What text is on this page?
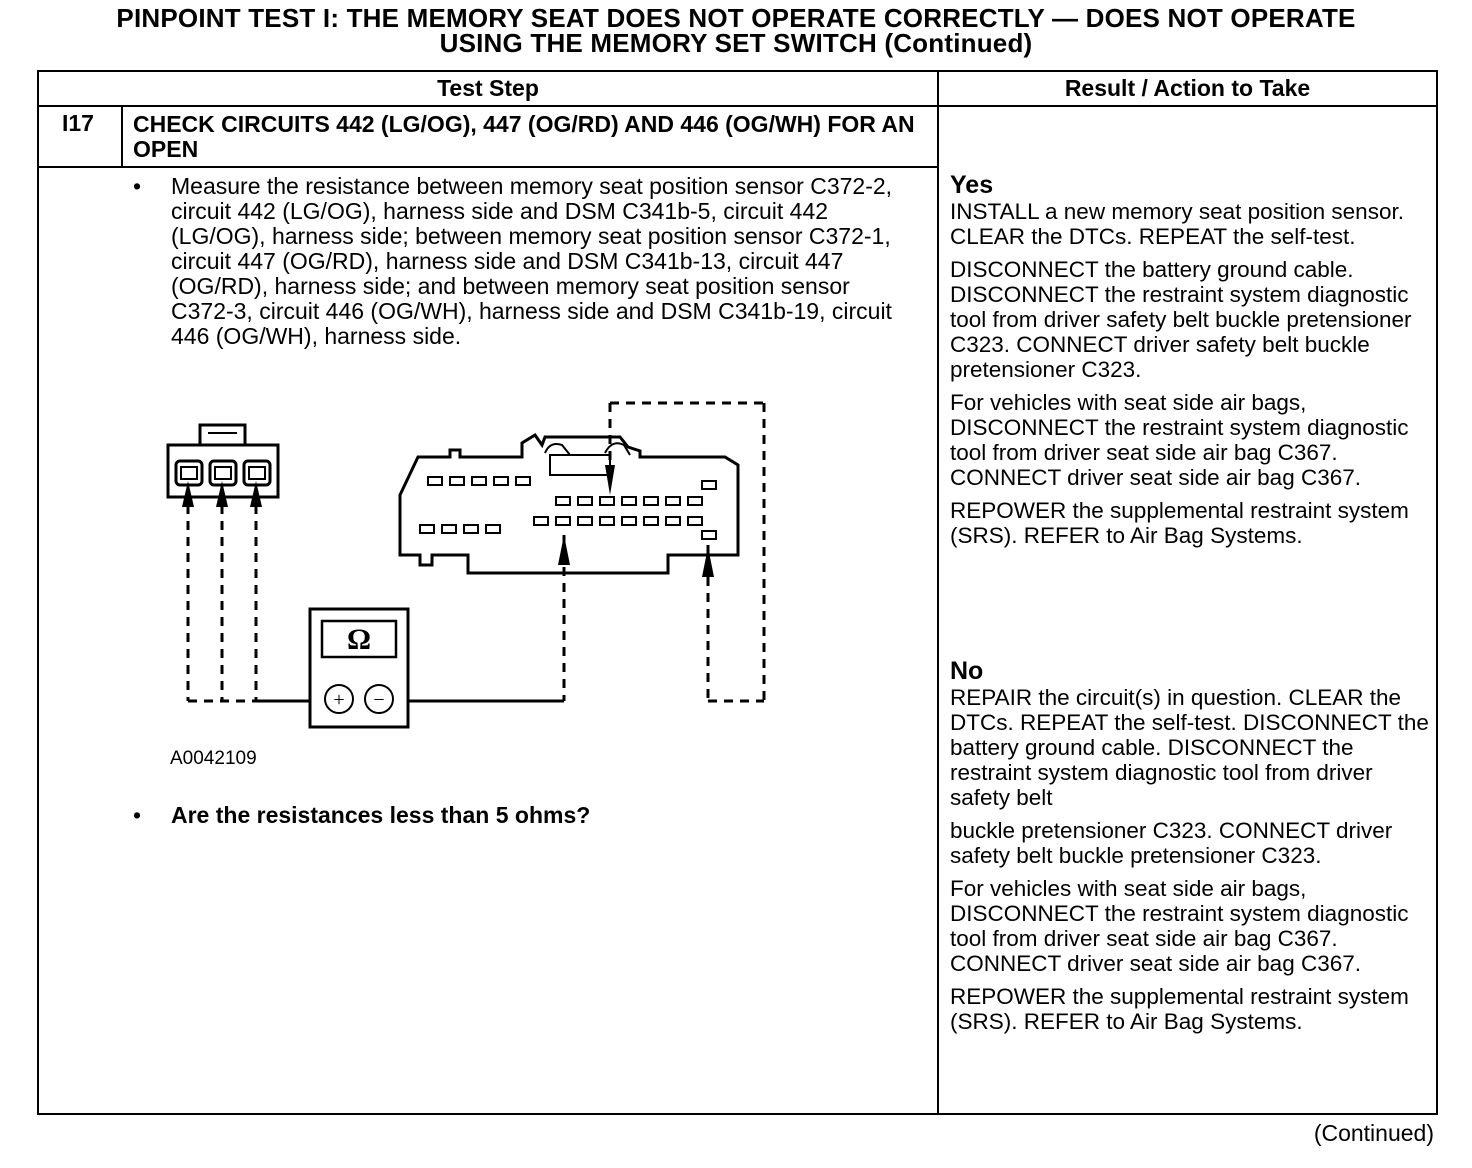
PINPOINT TEST I: THE MEMORY SEAT DOES NOT OPERATE CORRECTLY — DOES NOT OPERATE
USING THE MEMORY SET SWITCH (Continued)
Test Step	Result / Action to Take
I17 CHECK CIRCUITS 442 (LG/OG), 447 (OG/RD) AND 446 (OG/WH) FOR AN OPEN
• Measure the resistance between memory seat position sensor C372-2, circuit 442 (LG/OG), harness side and DSM C341b-5, circuit 442 (LG/OG), harness side; between memory seat position sensor C372-1, circuit 447 (OG/RD), harness side and DSM C341b-13, circuit 447 (OG/RD), harness side; and between memory seat position sensor C372-3, circuit 446 (OG/WH), harness side and DSM C341b-19, circuit 446 (OG/WH), harness side.
Ω
+ −
A0042109
• Are the resistances less than 5 ohms?
Yes

INSTALL a new memory seat position sensor. CLEAR the DTCs. REPEAT the self-test.

DISCONNECT the battery ground cable. DISCONNECT the restraint system diagnostic tool from driver safety belt buckle pretensioner C323. CONNECT driver safety belt buckle pretensioner C323.

For vehicles with seat side air bags, DISCONNECT the restraint system diagnostic tool from driver seat side air bag C367. CONNECT driver seat side air bag C367.

REPOWER the supplemental restraint system (SRS). REFER to Air Bag Systems.

No

REPAIR the circuit(s) in question. CLEAR the DTCs. REPEAT the self-test. DISCONNECT the battery ground cable. DISCONNECT the restraint system diagnostic tool from driver safety belt

buckle pretensioner C323. CONNECT driver safety belt buckle pretensioner C323.

For vehicles with seat side air bags, DISCONNECT the restraint system diagnostic tool from driver seat side air bag C367. CONNECT driver seat side air bag C367.

REPOWER the supplemental restraint system (SRS). REFER to Air Bag Systems.

(Continued)
